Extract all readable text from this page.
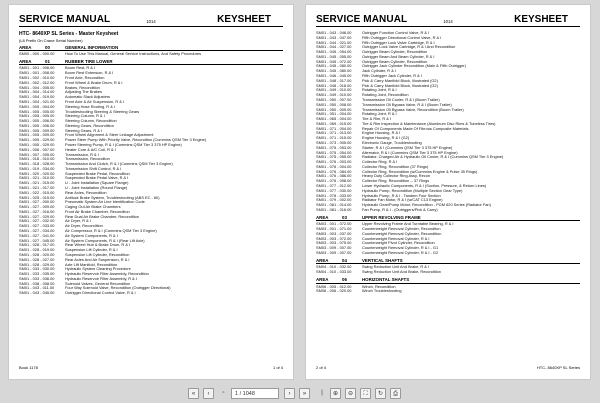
SERVICE MANUAL	1014	KEYSHEET
HTC- 8640XP SL Series - Master Keysheet
(L8 Prefix On Crane Serial Number)
AREA	00	GENERAL INFORMATION
SM00 - 000 - 000.00	How To Use This Manual, General Service Instructions, And Safety Procedures
AREA	01	RUBBER TIRE LOWER
SM01 - 001 - 006.00	Boom Rest, R & I
SM01 - 001 - 008.00	Boom Rest Extension, R & I
SM01 - 002 - 010.00	Front Axle, Reconditon
SM01 - 002 - 012.00	Front Wheel & Brake Drum, R & I
SM01 - 004 - 005.00	Brakes, Recondition
SM01 - 004 - 014.00	Adjusting The Brakes
SM01 - 004 - 019.00	Automatic Slack Adjusters
SM01 - 004 - 021.00	Front Axle & Air Suspension, R & I
SM01 - 005 - 004.00	Steering Hose Routing, R & I
SM01 - 005 - 005.00	Troubleshooting Steering & Steering Gears
SM01 - 005 - 005.00	Steering Column, R & I
SM01 - 005 - 006.00	Steering Column, Recondition
SM01 - 005 - 006.00	Steering Gears, Recondition
SM01 - 005 - 009.00	Steering Gears, R & I
SM01 - 005 - 009.00	Front Wheel Alignment & Steer Linkage Adjustment
SM01 - 005 - 029.00	Power Steer Pump With Priority Valve, Reconditon (Cummins QSM Tier 3 Engine)
SM01 - 005 - 029.00	Power Steering Pump, R & I (Cummins QSM Tier 3 375 HP Engine)
SM01 - 006 - 007.00	Heater Core & A/C Coil, R & I
SM01 - 007 - 005.00	Transmission, R & I
SM01 - 018 - 010.00	Transmission, Reconditon
SM01 - 018 - 028.00	Transmission And Clutch, R & I (Cummins QSM Tier 3 Engine)
SM01 - 019 - 034.00	Transmission Shift Control, R & I
SM01 - 020 - 020.00	Suspended Brake Pedal, Recondition
SM01 - 021 - 010.00	Suspended Brake Pedal Valve, R & I
SM01 - 021 - 015.00	U - Joint Installation (Square Flange)
SM01 - 021 - 017.00	U - Joint Installation (Round Flange)
SM01 - 022 - 015.00	Rear Axles, Recondition
SM01 - 025 - 015.00	Antilock Brake System, Troubleshooting (ABS EC - 60)
SM01 - 027 - 000.00	Pneumatic System Air Line Identification Code
SM01 - 027 - 009.00	Caging Out Air Brake Chambers
SM01 - 027 - 016.00	Front Air Brake Chamber, Reconditon
SM01 - 027 - 029.00	Rear Dual Air Brake Chamber, Recondition
SM01 - 027 - 032.00	Air Dryer, R & I
SM01 - 027 - 033.00	Air Dryer, Recondition
SM01 - 027 - 034.00	Air Compressor, R & I (Cummins QSM Tier 3 Engine)
SM01 - 027 - 041.00	Air System Components, R & I
SM01 - 027 - 045.00	Air System Components, R & I (Rear Lift Axle)
SM01 - 028 - 017.00	Rear Wheel Hub & Brake Drum, R & I
SM01 - 028 - 019.00	Suspension Lift Cylinder, R & I
SM01 - 028 - 020.00	Suspension Lift Cylinder, Recondition
SM01 - 028 - 027.00	Rear Axles And Air Suspension, R & I
SM01 - 028 - 029.00	Axle Lift Manifold, Recondition
SM01 - 033 - 030.00	Hydraulic System Cleaning Procedure
SM01 - 033 - 035.00	Hydraulic Reservoir Filter Assembly, Recondition
SM01 - 033 - 036.00	Hydraulic Reservoir Filter Assembly, R & I
SM01 - 038 - 008.00	Solenoid Valves, General Recondition
SM01 - 043 - 011.00	Four Way Solenoid Valve, Recondition (Outrigger Directional)
SM01 - 043 - 045.00	Outrigger Directional Control Valve, R & I
Book 1178	1 of 4
SERVICE MANUAL	1014	KEYSHEET
SM01 - 043 - 046.00	Outrigger Function Control Valve, R & I
SM01 - 043 - 047.00	Fifth Outrigger Directional Control Valve, R & I
SM01 - 044 - 021.00	Fifth Outrigger Lock Valve Cartridge, R & I
SM01 - 044 - 027.00	Outrigger Lock Valve Cartridge, R & I And Recondition
SM01 - 045 - 054.00	Outrigger Beam Cylinder, Recondition
SM01 - 045 - 055.00	Outrigger Beam And Beam Cylinder, R & I
SM01 - 045 - 072.00	Outrigger Beam Cylinder, Recondition
SM01 - 045 - 080.00	Outrigger Jack Cylinder Recondition (Main & Fifth Outrigger)
SM01 - 045 - 080.00	Jack Cylinder, R & I
SM01 - 046 - 045.00	Fifth Outrigger Jack Cylinder, R & I
SM01 - 048 - 017.00	Pick & Carry Manifold Block, Illustrated (G2)
SM01 - 048 - 018.00	Pick & Carry Manifold Block, Illustrated (G2)
SM01 - 049 - 010.00	Rotating Joint, R & I
SM01 - 049 - 010.00	Rotating Joint, Recondition
SM01 - 050 - 007.00	Transmission Oil Cooler, R & I (Boom Trailer)
SM01 - 050 - 008.00	Transmission Oil Bypass Valve, R & I (Boom Trailer)
SM01 - 050 - 009.00	Transmission Oil Bypass Valve, Recondition (Boom Trailer)
SM01 - 051 - 004.00	Rotating Joint, R & I
SM01 - 065 - 004.00	Tire & Rim, R & I
SM01 - 069 - 015.00	Tire & Rim Inspection & Maintenance (Aluminum Disc Rims & Tubeless Tires)
SM01 - 071 - 004.00	Repair Of Components Made Of Fibrous Composite Materials
SM01 - 071 - 013.00	Engine Housing, R & I
SM01 - 071 - 015.00	Engine Housing, R & I (G2)
SM01 - 073 - 005.00	Electronic Gauge, Troubleshooting
SM01 - 075 - 053.00	Starter, R & I (Cummins QSM Tier 3 375 HP Engine)
SM01 - 075 - 054.00	Alternator, R & I (Cummins QSM Tier 3 375 HP Engine)
SM01 - 075 - 055.00	Radiator, Charged Air & Hydraulic Oil Cooler, R & I (Cummins QSM Tier 3 Engine)
SM01 - 076 - 003.00	Collector Ring, R & I
SM01 - 076 - 004.00	Collector Ring, Recondition (37 Rings)
SM01 - 076 - 084.00	Collector Ring, Recondition (w/Cummins Engine & Pulse 35 Rings)
SM01 - 076 - 086.00	Heavy Duty Collector Ring Assy, Recon
SM01 - 076 - 098.00	Collector Ring, Recondition -- 37 Rings
SM01 - 077 - 012.00	Lower Hydraulic Components, R & I (Suction, Pressure, & Return Lines)
SM01 - 077 - 030.00	Hydraulic Pump, Recondition (Multiple Section Gear Type)
SM01 - 078 - 033.00	Hydraulic Pump, R & I - Tandem Four Section
SM01 - 079 - 002.00	Radiator Fan Motor, R & I (w/CAT C13 Engine)
SM01 - 081 - 014.00	Hydraulic Gear/Pump Motor, Recondition - PGM 620 Series (Radiator Fan)
SM01 - 081 - 016.00	Fan Pump, R & I - (Outriggers/Pick & Carry)
AREA	03	UPPER REVOLVING FRAME
SM03 - 001 - 072.00	Upper Revolving Frame And Turntable Bearing, R & I
SM03 - 001 - 071.00	Counterweight Removal Cylinder, Reconditon
SM03 - 003 - 037.00	Counterweight Removal Cylinder, Recondition
SM03 - 003 - 072.00	Counterweight Removal Cylinder, R & I
SM03 - 003 - 075.00	Counterweight Pivot Cylinder, Recondition
SM03 - 009 - 007.00	Counterweight Removal Cylinder, R & I - G1
SM03 - 009 - 007.00	Counterweight Removal Cylinder, R & I - G2
AREA	04	VERTICAL SHAFTS
SM04 - 010 - 032.00	Swing Reduction Unit And Brake, R & I
SM04 - 010 - 033.00	Swing Reduction Unit And Brake, Recondition
AREA	06	HORIZONTAL SHAFTS
SM06 - 005 - 012.00	Winch, Recondition
SM06 - 006 - 020.00	Winch Troubleshooting
2 of 4	HTC- 8640XP SL Series
«	‹	▫	1 / 1048	›	»	|	⊕	⊖	⛶	↻	⎙
